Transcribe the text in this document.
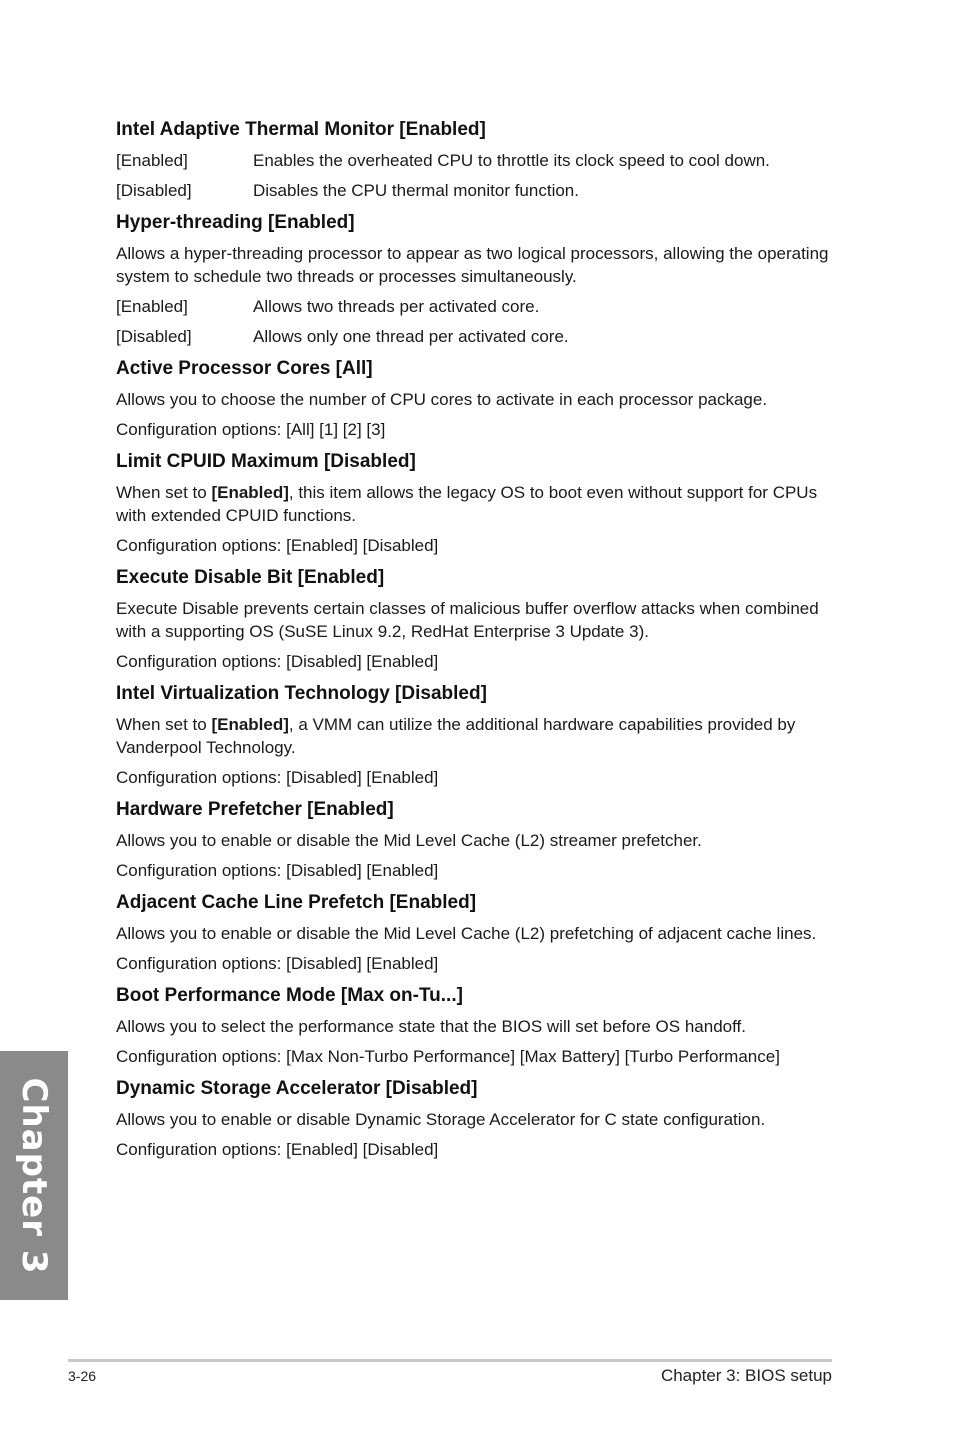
Intel Adaptive Thermal Monitor [Enabled]
[Enabled]	Enables the overheated CPU to throttle its clock speed to cool down.
[Disabled]	Disables the CPU thermal monitor function.
Hyper-threading [Enabled]
Allows a hyper-threading processor to appear as two logical processors, allowing the operating system to schedule two threads or processes simultaneously.
[Enabled]	Allows two threads per activated core.
[Disabled]	Allows only one thread per activated core.
Active Processor Cores [All]
Allows you to choose the number of CPU cores to activate in each processor package.
Configuration options: [All] [1] [2] [3]
Limit CPUID Maximum [Disabled]
When set to [Enabled], this item allows the legacy OS to boot even without support for CPUs with extended CPUID functions.
Configuration options: [Enabled] [Disabled]
Execute Disable Bit [Enabled]
Execute Disable prevents certain classes of malicious buffer overflow attacks when combined with a supporting OS (SuSE Linux 9.2, RedHat Enterprise 3 Update 3).
Configuration options: [Disabled] [Enabled]
Intel Virtualization Technology [Disabled]
When set to [Enabled], a VMM can utilize the additional hardware capabilities provided by Vanderpool Technology.
Configuration options: [Disabled] [Enabled]
Hardware Prefetcher [Enabled]
Allows you to enable or disable the Mid Level Cache (L2) streamer prefetcher.
Configuration options: [Disabled] [Enabled]
Adjacent Cache Line Prefetch [Enabled]
Allows you to enable or disable the Mid Level Cache (L2) prefetching of adjacent cache lines.
Configuration options: [Disabled] [Enabled]
Boot Performance Mode [Max on-Tu...]
Allows you to select the performance state that the BIOS will set before OS handoff.
Configuration options: [Max Non-Turbo Performance] [Max Battery] [Turbo Performance]
Dynamic Storage Accelerator [Disabled]
Allows you to enable or disable Dynamic Storage Accelerator for C state configuration.
Configuration options: [Enabled] [Disabled]
Chapter 3
3-26	Chapter 3: BIOS setup
